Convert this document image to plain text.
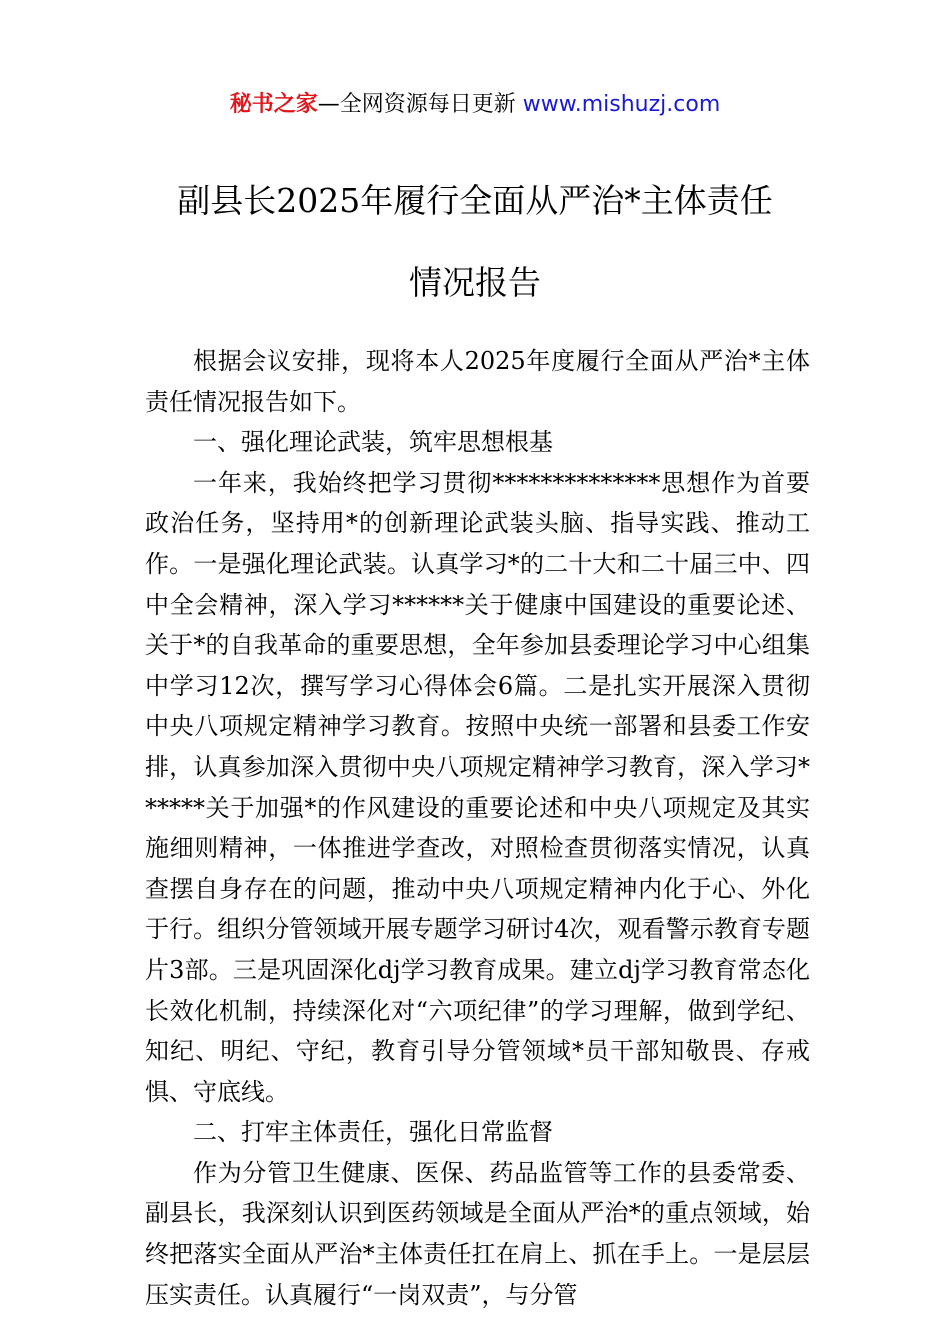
秘书之家—全网资源每日更新 www.mishuzj.com
副县长2025年履行全面从严治*主体责任
情况报告

根据会议安排，现将本人2025年度履行全面从严治*主体责任情况报告如下。

一、强化理论武装，筑牢思想根基

一年来，我始终把学习贯彻**************思想作为首要政治任务，坚持用*的创新理论武装头脑、指导实践、推动工作。一是强化理论武装。认真学习*的二十大和二十届三中、四中全会精神，深入学习******关于健康中国建设的重要论述、关于*的自我革命的重要思想，全年参加县委理论学习中心组集中学习12次，撰写学习心得体会6篇。二是扎实开展深入贯彻中央八项规定精神学习教育。按照中央统一部署和县委工作安排，认真参加深入贯彻中央八项规定精神学习教育，深入学习******关于加强*的作风建设的重要论述和中央八项规定及其实施细则精神，一体推进学查改，对照检查贯彻落实情况，认真查摆自身存在的问题，推动中央八项规定精神内化于心、外化于行。组织分管领域开展专题学习研讨4次，观看警示教育专题片3部。三是巩固深化dj学习教育成果。建立dj学习教育常态化长效化机制，持续深化对“六项纪律”的学习理解，做到学纪、知纪、明纪、守纪，教育引导分管领域*员干部知敬畏、存戒惧、守底线。

二、打牢主体责任，强化日常监督

作为分管卫生健康、医保、药品监管等工作的县委常委、副县长，我深刻认识到医药领域是全面从严治*的重点领域，始终把落实全面从严治*主体责任扛在肩上、抓在手上。一是层层压实责任。认真履行“一岗双责”，与分管
